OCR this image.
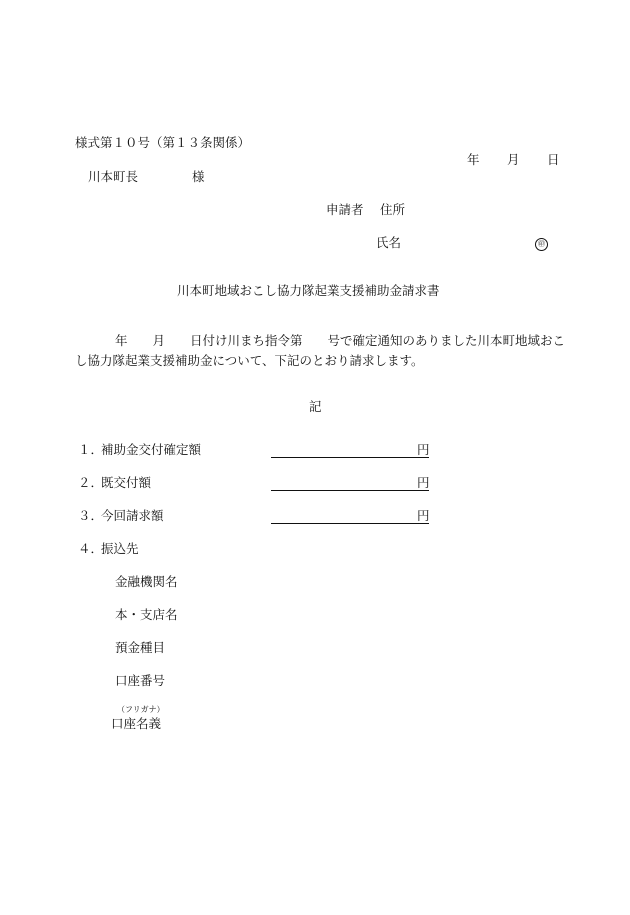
様式第１０号（第１３条関係）
年 月 日
川本町長	様
申請者 住所
氏名	㊞
川本町地域おこし協力隊起業支援補助金請求書
年　　月　　日付け川まち指令第　　号で確定通知のありました川本町地域おこし協力隊起業支援補助金について、下記のとおり請求します。
記
１．
補助金交付確定額	円
２．
既交付額	円
３．
今回請求額	円
４．
振込先
金融機関名
本・支店名
預金種目
口座番号
（フリガナ）
口座名義
